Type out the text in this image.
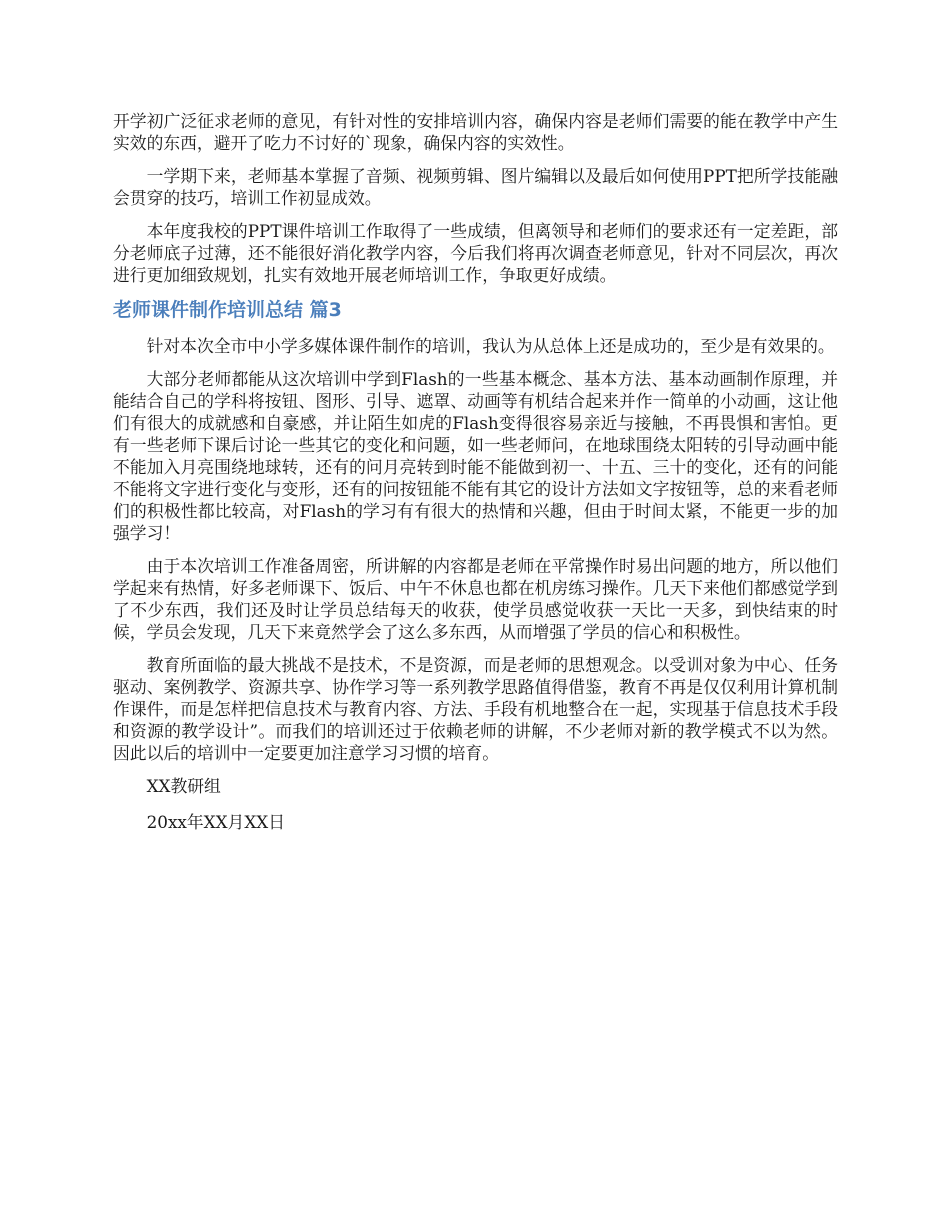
开学初广泛征求老师的意见，有针对性的安排培训内容，确保内容是老师们需要的能在教学中产生实效的东西，避开了吃力不讨好的`现象，确保内容的实效性。

一学期下来，老师基本掌握了音频、视频剪辑、图片编辑以及最后如何使用PPT把所学技能融会贯穿的技巧，培训工作初显成效。

本年度我校的PPT课件培训工作取得了一些成绩，但离领导和老师们的要求还有一定差距，部分老师底子过薄，还不能很好消化教学内容，今后我们将再次调查老师意见，针对不同层次，再次进行更加细致规划，扎实有效地开展老师培训工作，争取更好成绩。

老师课件制作培训总结 篇3

针对本次全市中小学多媒体课件制作的培训，我认为从总体上还是成功的，至少是有效果的。

大部分老师都能从这次培训中学到Flash的一些基本概念、基本方法、基本动画制作原理，并能结合自己的学科将按钮、图形、引导、遮罩、动画等有机结合起来并作一简单的小动画，这让他们有很大的成就感和自豪感，并让陌生如虎的Flash变得很容易亲近与接触，不再畏惧和害怕。更有一些老师下课后讨论一些其它的变化和问题，如一些老师问，在地球围绕太阳转的引导动画中能不能加入月亮围绕地球转，还有的问月亮转到时能不能做到初一、十五、三十的变化，还有的问能不能将文字进行变化与变形，还有的问按钮能不能有其它的设计方法如文字按钮等，总的来看老师们的积极性都比较高，对Flash的学习有有很大的热情和兴趣，但由于时间太紧，不能更一步的加强学习！

由于本次培训工作准备周密，所讲解的内容都是老师在平常操作时易出问题的地方，所以他们学起来有热情，好多老师课下、饭后、中午不休息也都在机房练习操作。几天下来他们都感觉学到了不少东西，我们还及时让学员总结每天的收获，使学员感觉收获一天比一天多，到快结束的时候，学员会发现，几天下来竟然学会了这么多东西，从而增强了学员的信心和积极性。

教育所面临的最大挑战不是技术，不是资源，而是老师的思想观念。以受训对象为中心、任务驱动、案例教学、资源共享、协作学习等一系列教学思路值得借鉴，教育不再是仅仅利用计算机制作课件，而是怎样把信息技术与教育内容、方法、手段有机地整合在一起，实现基于信息技术手段和资源的教学设计”。而我们的培训还过于依赖老师的讲解，不少老师对新的教学模式不以为然。因此以后的培训中一定要更加注意学习习惯的培育。

XX教研组

20xx年XX月XX日
